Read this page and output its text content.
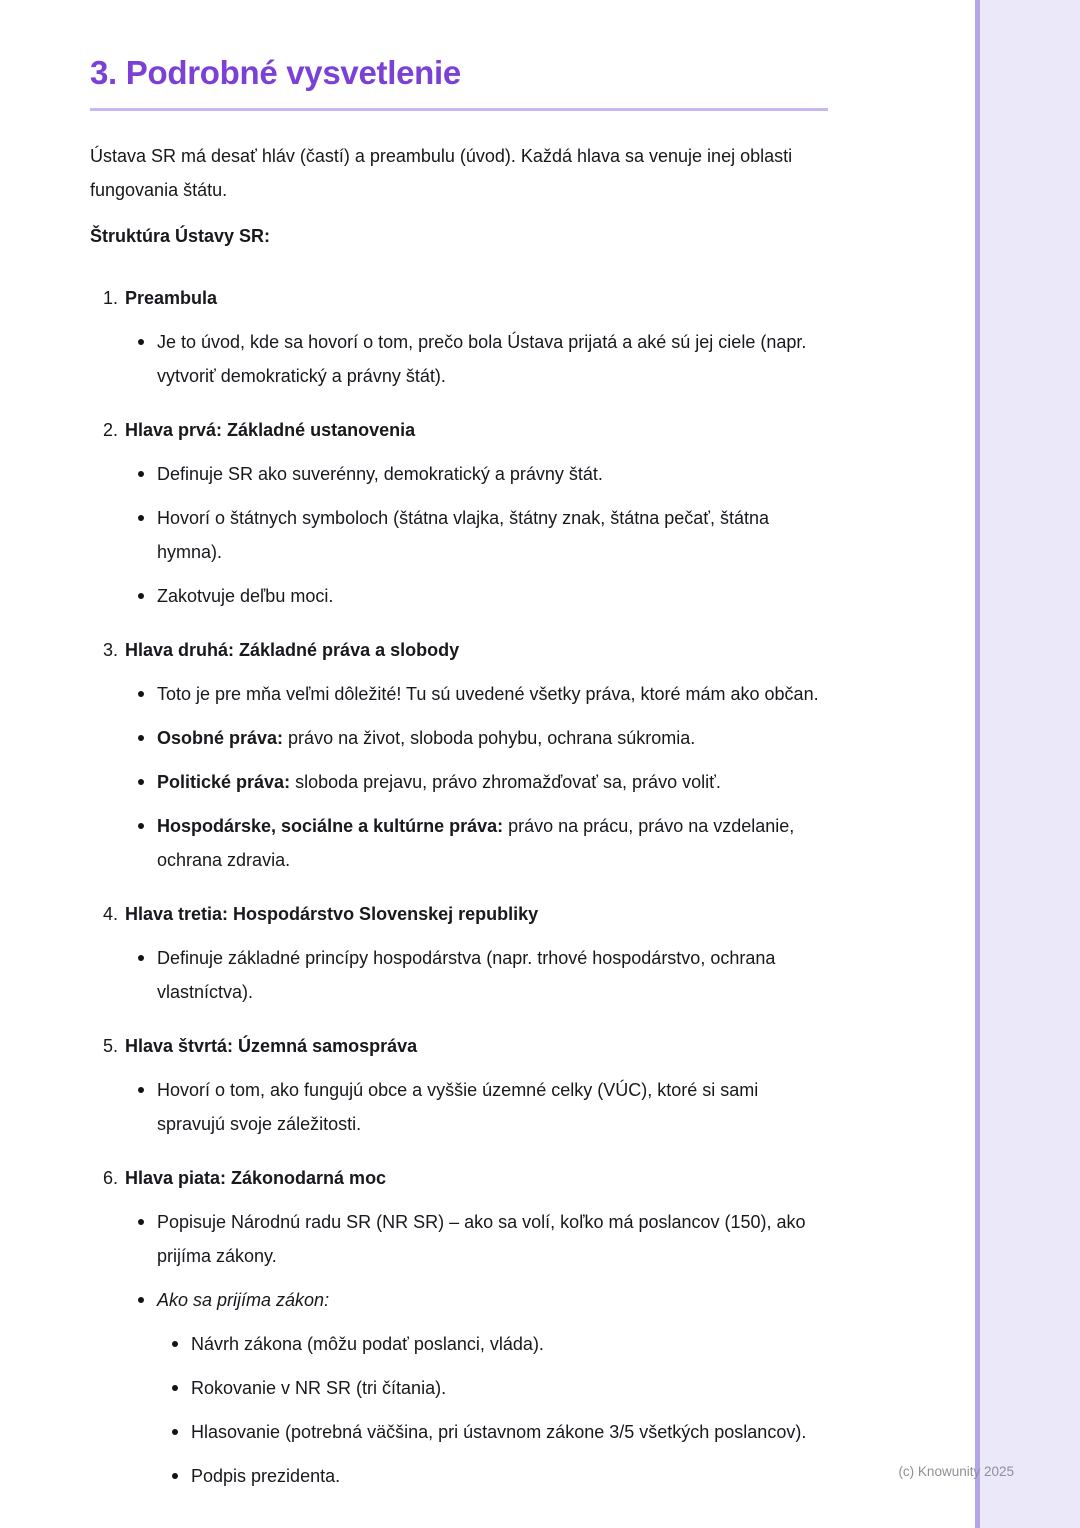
3. Podrobné vysvetlenie

Ústava SR má desať hláv (častí) a preambulu (úvod). Každá hlava sa venuje inej oblasti fungovania štátu.

Štruktúra Ústavy SR:

1. Preambula
Je to úvod, kde sa hovorí o tom, prečo bola Ústava prijatá a aké sú jej ciele (napr. vytvoriť demokratický a právny štát).
2. Hlava prvá: Základné ustanovenia
Definuje SR ako suverénny, demokratický a právny štát.
Hovorí o štátnych symboloch (štátna vlajka, štátny znak, štátna pečať, štátna hymna).
Zakotvuje deľbu moci.
3. Hlava druhá: Základné práva a slobody
Toto je pre mňa veľmi dôležité! Tu sú uvedené všetky práva, ktoré mám ako občan.
Osobné práva: právo na život, sloboda pohybu, ochrana súkromia.
Politické práva: sloboda prejavu, právo zhromažďovať sa, právo voliť.
Hospodárske, sociálne a kultúrne práva: právo na prácu, právo na vzdelanie, ochrana zdravia.
4. Hlava tretia: Hospodárstvo Slovenskej republiky
Definuje základné princípy hospodárstva (napr. trhové hospodárstvo, ochrana vlastníctva).
5. Hlava štvrtá: Územná samospráva
Hovorí o tom, ako fungujú obce a vyššie územné celky (VÚC), ktoré si sami spravujú svoje záležitosti.
6. Hlava piata: Zákonodarná moc
Popisuje Národnú radu SR (NR SR) – ako sa volí, koľko má poslancov (150), ako prijíma zákony.
Ako sa prijíma zákon:
Návrh zákona (môžu podať poslanci, vláda).
Rokovanie v NR SR (tri čítania).
Hlasovanie (potrebná väčšina, pri ústavnom zákone 3/5 všetkých poslancov).
Podpis prezidenta.	(c) Knowunity 2025
